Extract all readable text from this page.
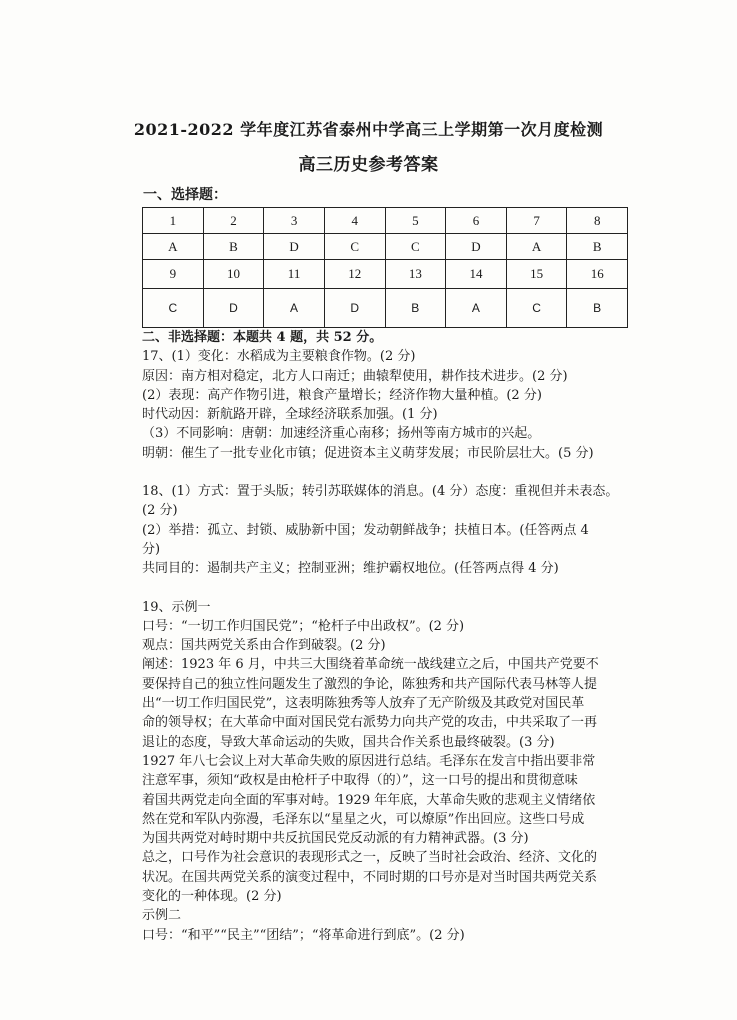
2021-2022 学年度江苏省泰州中学高三上学期第一次月度检测
高三历史参考答案
一、选择题：
1	2	3	4	5	6	7	8
A	B	D	C	C	D	A	B
9	10	11	12	13	14	15	16
C	D	A	D	B	A	C	B

二、非选择题：本题共 4 题，共 52 分。

17、(1）变化：水稻成为主要粮食作物。(2 分)

原因：南方相对稳定，北方人口南迁；曲辕犁使用，耕作技术进步。(2 分)

(2）表现：高产作物引进，粮食产量增长；经济作物大量种植。(2 分)

时代动因：新航路开辟，全球经济联系加强。(1 分)

（3）不同影响：唐朝：加速经济重心南移；扬州等南方城市的兴起。

明朝：催生了一批专业化市镇；促进资本主义萌芽发展；市民阶层壮大。(5 分)

18、(1）方式：置于头版；转引苏联媒体的消息。(4 分）态度：重视但并未表态。

(2 分)

(2）举措：孤立、封锁、威胁新中国；发动朝鲜战争；扶植日本。(任答两点 4

分)

共同目的：遏制共产主义；控制亚洲；维护霸权地位。(任答两点得 4 分)

19、示例一

口号：“一切工作归国民党”；“枪杆子中出政权”。(2 分)

观点：国共两党关系由合作到破裂。(2 分)

阐述：1923 年 6 月，中共三大围绕着革命统一战线建立之后，中国共产党要不

要保持自己的独立性问题发生了激烈的争论，陈独秀和共产国际代表马林等人提

出“一切工作归国民党”，这表明陈独秀等人放弃了无产阶级及其政党对国民革

命的领导权；在大革命中面对国民党右派势力向共产党的攻击，中共采取了一再

退让的态度，导致大革命运动的失败，国共合作关系也最终破裂。(3 分)

1927 年八七会议上对大革命失败的原因进行总结。毛泽东在发言中指出要非常

注意军事，须知“政权是由枪杆子中取得（的）”，这一口号的提出和贯彻意味

着国共两党走向全面的军事对峙。1929 年年底，大革命失败的悲观主义情绪依

然在党和军队内弥漫，毛泽东以“星星之火，可以燎原”作出回应。这些口号成

为国共两党对峙时期中共反抗国民党反动派的有力精神武器。(3 分)

总之，口号作为社会意识的表现形式之一，反映了当时社会政治、经济、文化的

状况。在国共两党关系的演变过程中，不同时期的口号亦是对当时国共两党关系

变化的一种体现。(2 分)

示例二

口号：“和平”“民主”“团结”；“将革命进行到底”。(2 分)
